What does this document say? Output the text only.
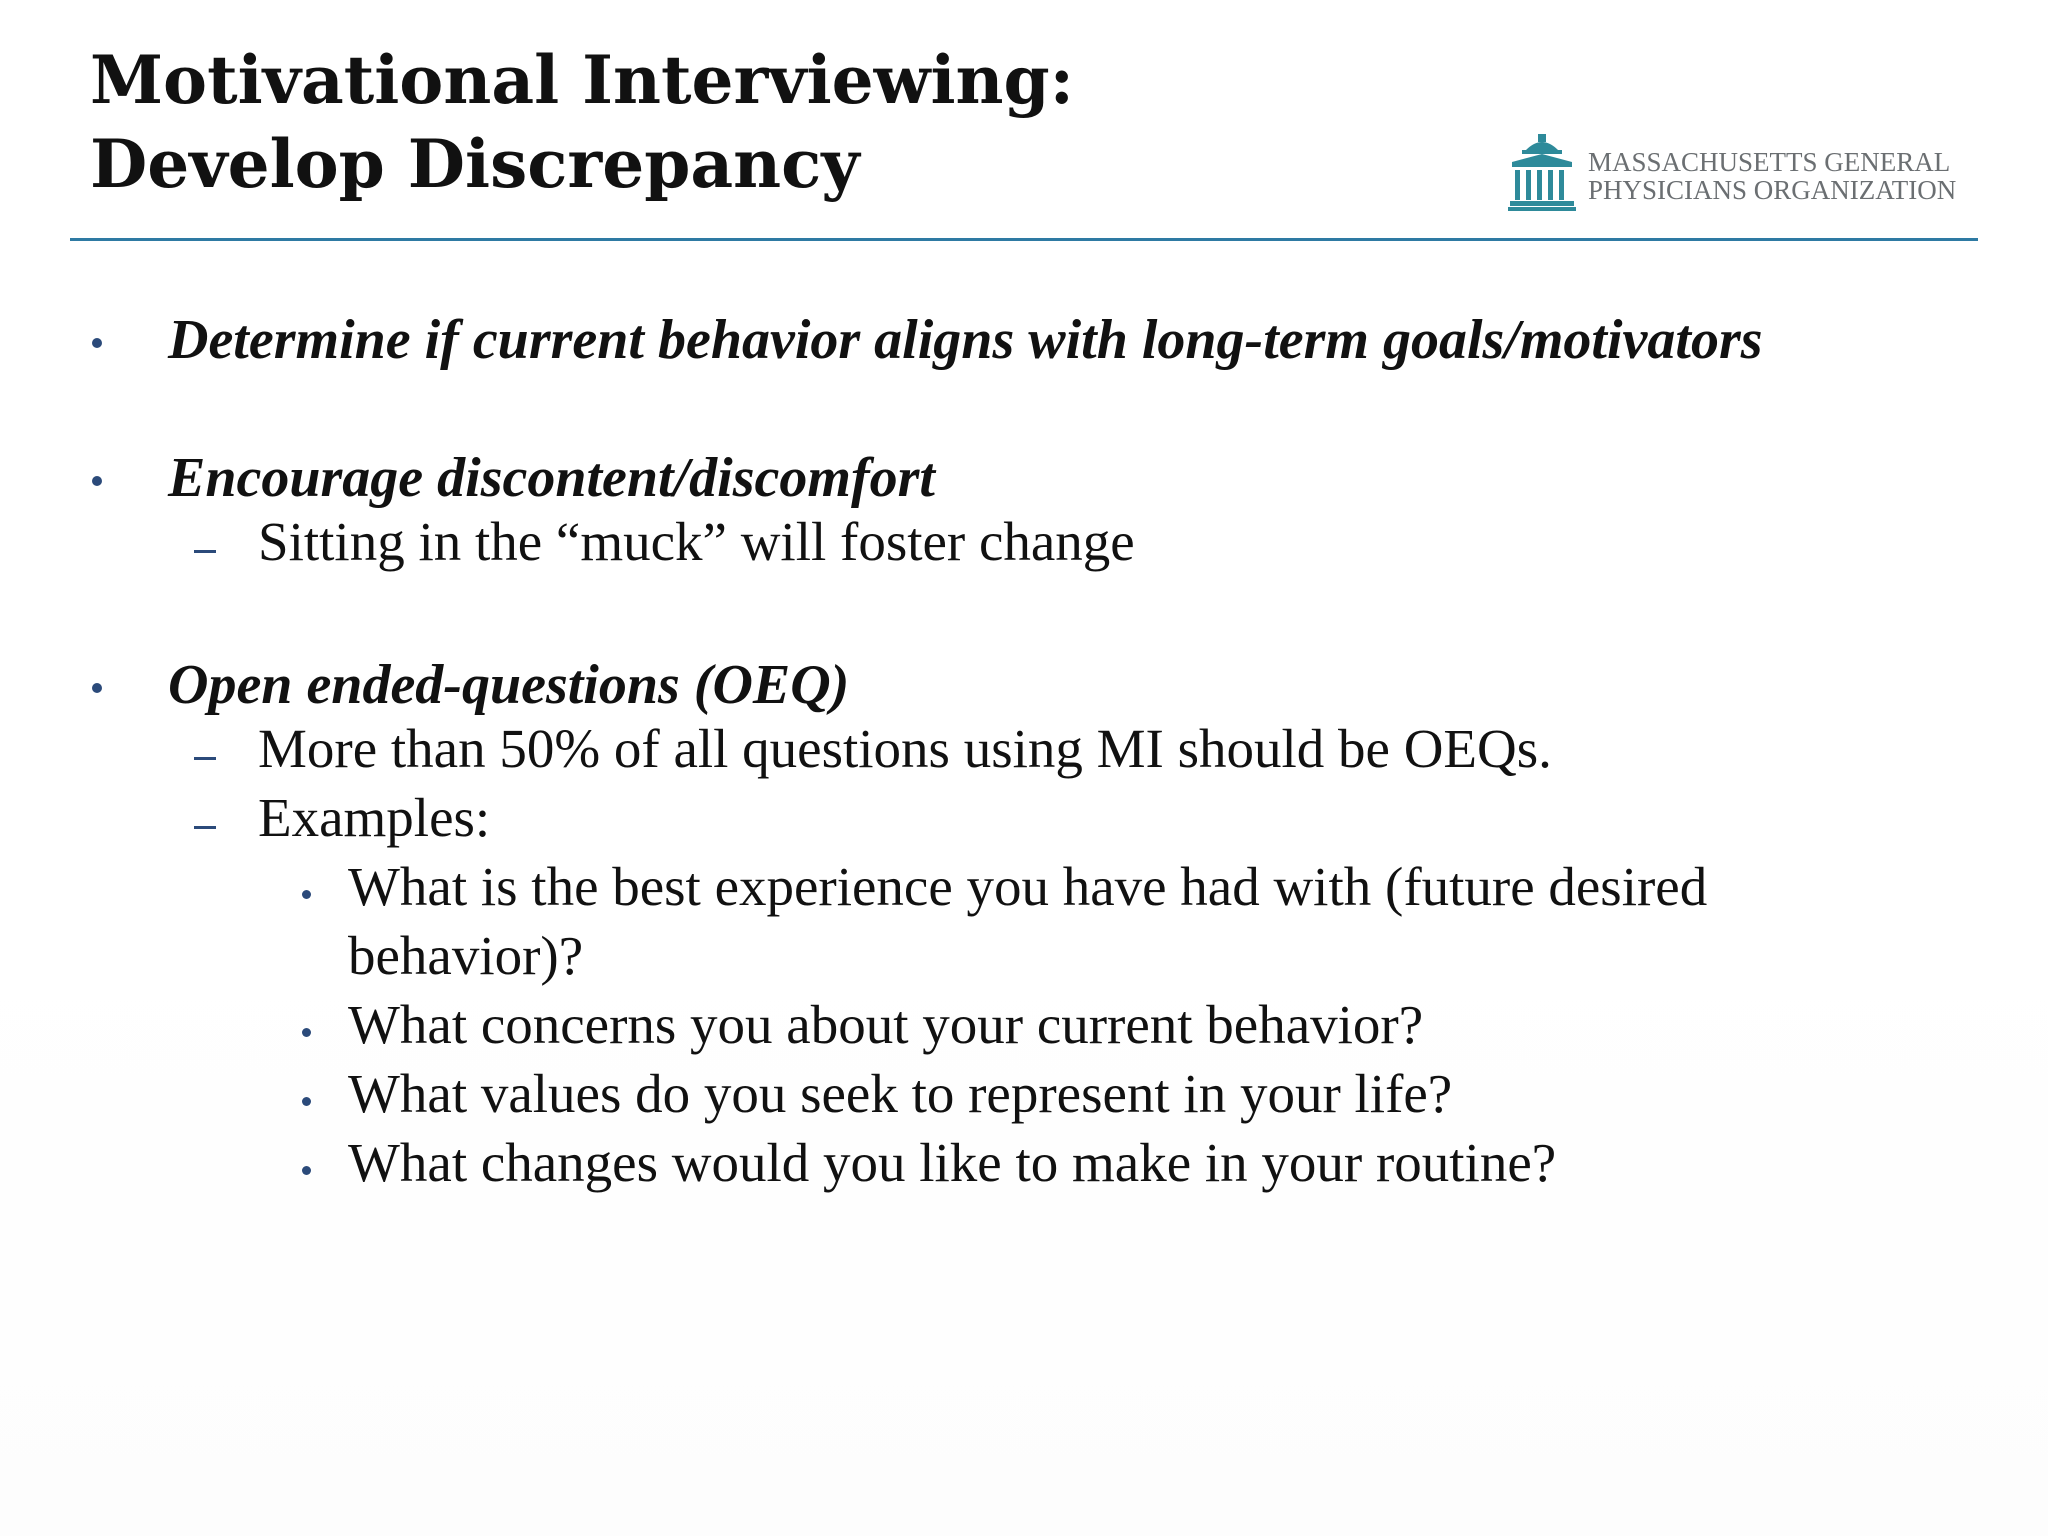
Motivational Interviewing:
Develop Discrepancy	MASSACHUSETTS GENERAL
PHYSICIANS ORGANIZATION
Determine if current behavior aligns with long-term goals/motivators
Encourage discontent/discomfort
Sitting in the “muck” will foster change
Open ended-questions (OEQ)
More than 50% of all questions using MI should be OEQs.
Examples:
What is the best experience you have had with (future desired
behavior)?
What concerns you about your current behavior?
What values do you seek to represent in your life?
What changes would you like to make in your routine?
